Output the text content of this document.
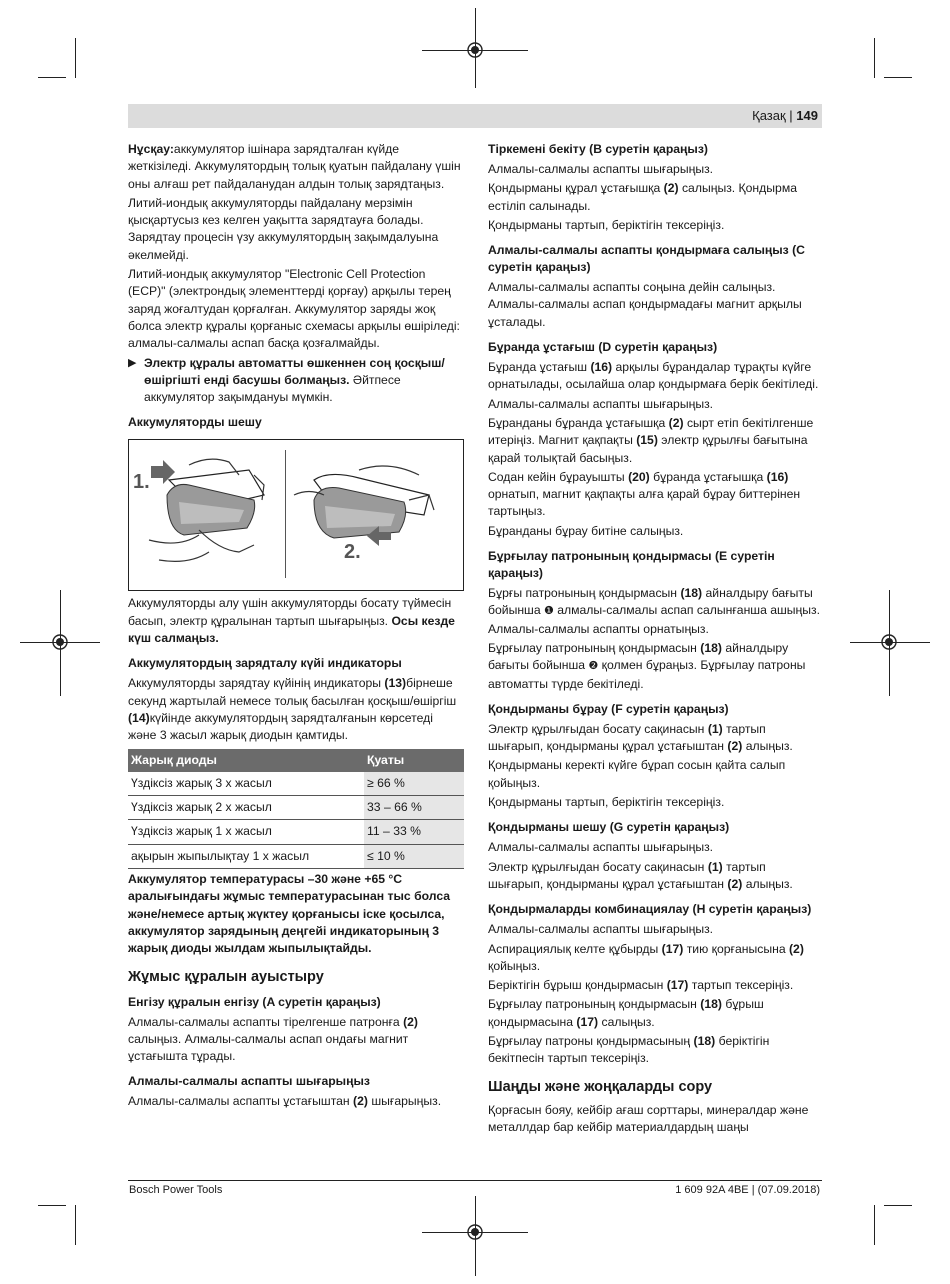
Қазақ | 149

Нұсқау:аккумулятор ішінара зарядталған күйде жеткізіледі. Аккумулятордың толық қуатын пайдалану үшін оны алғаш рет пайдаланудан алдын толық зарядтаңыз.

Литий-иондық аккумуляторды пайдалану мерзімін қысқартусыз кез келген уақытта зарядтауға болады. Зарядтау процесін үзу аккумулятордың зақымдалуына әкелмейді.

Литий-иондық аккумулятор "Electronic Cell Protection (ECP)" (электрондық элементтерді қорғау) арқылы терең заряд жоғалтудан қорғалған. Аккумулятор заряды жоқ болса электр құралы қорғаныс схемасы арқылы өшіріледі: алмалы-салмалы аспап басқа қозғалмайды.

▶ Электр құралы автоматты өшкеннен соң қосқыш/өшіргішті енді басушы болмаңыз. Әйтпесе аккумулятор зақымдануы мүмкін.
Аккумуляторды шешу
1.
2.

Аккумуляторды алу үшін аккумуляторды босату түймесін басып, электр құралынан тартып шығарыңыз. Осы кезде күш салмаңыз.

Аккумулятордың зарядталу күйі индикаторы

Аккумуляторды зарядтау күйінің индикаторы (13)бірнеше секунд жартылай немесе толық басылған қосқыш/өшіргіш (14)күйінде аккумулятордың зарядталғанын көрсетеді және 3 жасыл жарық диодын қамтиды.

Жарық диоды	Қуаты
Үздіксіз жарық 3 x жасыл	≥ 66 %
Үздіксіз жарық 2 x жасыл	33 – 66 %
Үздіксіз жарық 1 x жасыл	11 – 33 %
ақырын жыпылықтау 1 x жасыл	≤ 10 %

Аккумулятор температурасы –30 және +65 °C аралығындағы жұмыс температурасынан тыс болса және/немесе артық жүктеу қорғанысы іске қосылса, аккумулятор зарядының деңгейі индикаторының 3 жарық диоды жылдам жыпылықтайды.

Жұмыс құралын ауыстыру
Енгізу құралын енгізу (A суретін қараңыз)

Алмалы-салмалы аспапты тірелгенше патронға (2) салыңыз. Алмалы-салмалы аспап ондағы магнит ұстағышта тұрады.

Алмалы-салмалы аспапты шығарыңыз

Алмалы-салмалы аспапты ұстағыштан (2) шығарыңыз.

Тіркемені бекіту (B суретін қараңыз)

Алмалы-салмалы аспапты шығарыңыз.

Қондырманы құрал ұстағышқа (2) салыңыз. Қондырма естіліп салынады.

Қондырманы тартып, беріктігін тексеріңіз.

Алмалы-салмалы аспапты қондырмаға салыңыз (C суретін қараңыз)

Алмалы-салмалы аспапты соңына дейін салыңыз. Алмалы-салмалы аспап қондырмадағы магнит арқылы ұсталады.

Бұранда ұстағыш (D суретін қараңыз)

Бұранда ұстағыш (16) арқылы бұрандалар тұрақты күйге орнатылады, осылайша олар қондырмаға берік бекітіледі.

Алмалы-салмалы аспапты шығарыңыз.

Бұранданы бұранда ұстағышқа (2) сырт етіп бекітілгенше итеріңіз. Магнит қақпақты (15) электр құрылғы бағытына қарай толықтай басыңыз.

Содан кейін бұрауышты (20) бұранда ұстағышқа (16) орнатып, магнит қақпақты алға қарай бұрау биттерінен тартыңыз.

Бұранданы бұрау битіне салыңыз.

Бұрғылау патронының қондырмасы (E суретін қараңыз)

Бұрғы патронының қондырмасын (18) айналдыру бағыты бойынша ❶ алмалы-салмалы аспап салынғанша ашыңыз. Алмалы-салмалы аспапты орнатыңыз.

Бұрғылау патронының қондырмасын (18) айналдыру бағыты бойынша ❷ қолмен бұраңыз. Бұрғылау патроны автоматты түрде бекітіледі.

Қондырманы бұрау (F суретін қараңыз)

Электр құрылғыдан босату сақинасын (1) тартып шығарып, қондырманы құрал ұстағыштан (2) алыңыз.

Қондырманы керекті күйге бұрап сосын қайта салып қойыңыз.

Қондырманы тартып, беріктігін тексеріңіз.

Қондырманы шешу (G суретін қараңыз)

Алмалы-салмалы аспапты шығарыңыз.

Электр құрылғыдан босату сақинасын (1) тартып шығарып, қондырманы құрал ұстағыштан (2) алыңыз.

Қондырмаларды комбинациялау (H суретін қараңыз)

Алмалы-салмалы аспапты шығарыңыз.

Аспирациялық келте құбырды (17) тию қорғанысына (2) қойыңыз.

Беріктігін бұрыш қондырмасын (17) тартып тексеріңіз.

Бұрғылау патронының қондырмасын (18) бұрыш қондырмасына (17) салыңыз.

Бұрғылау патроны қондырмасының (18) беріктігін бекітпесін тартып тексеріңіз.

Шаңды және жоңқаларды сору

Қорғасын бояу, кейбір ағаш сорттары, минералдар және металлдар бар кейбір материалдардың шаңы

Bosch Power Tools	1 609 92A 4BE | (07.09.2018)
